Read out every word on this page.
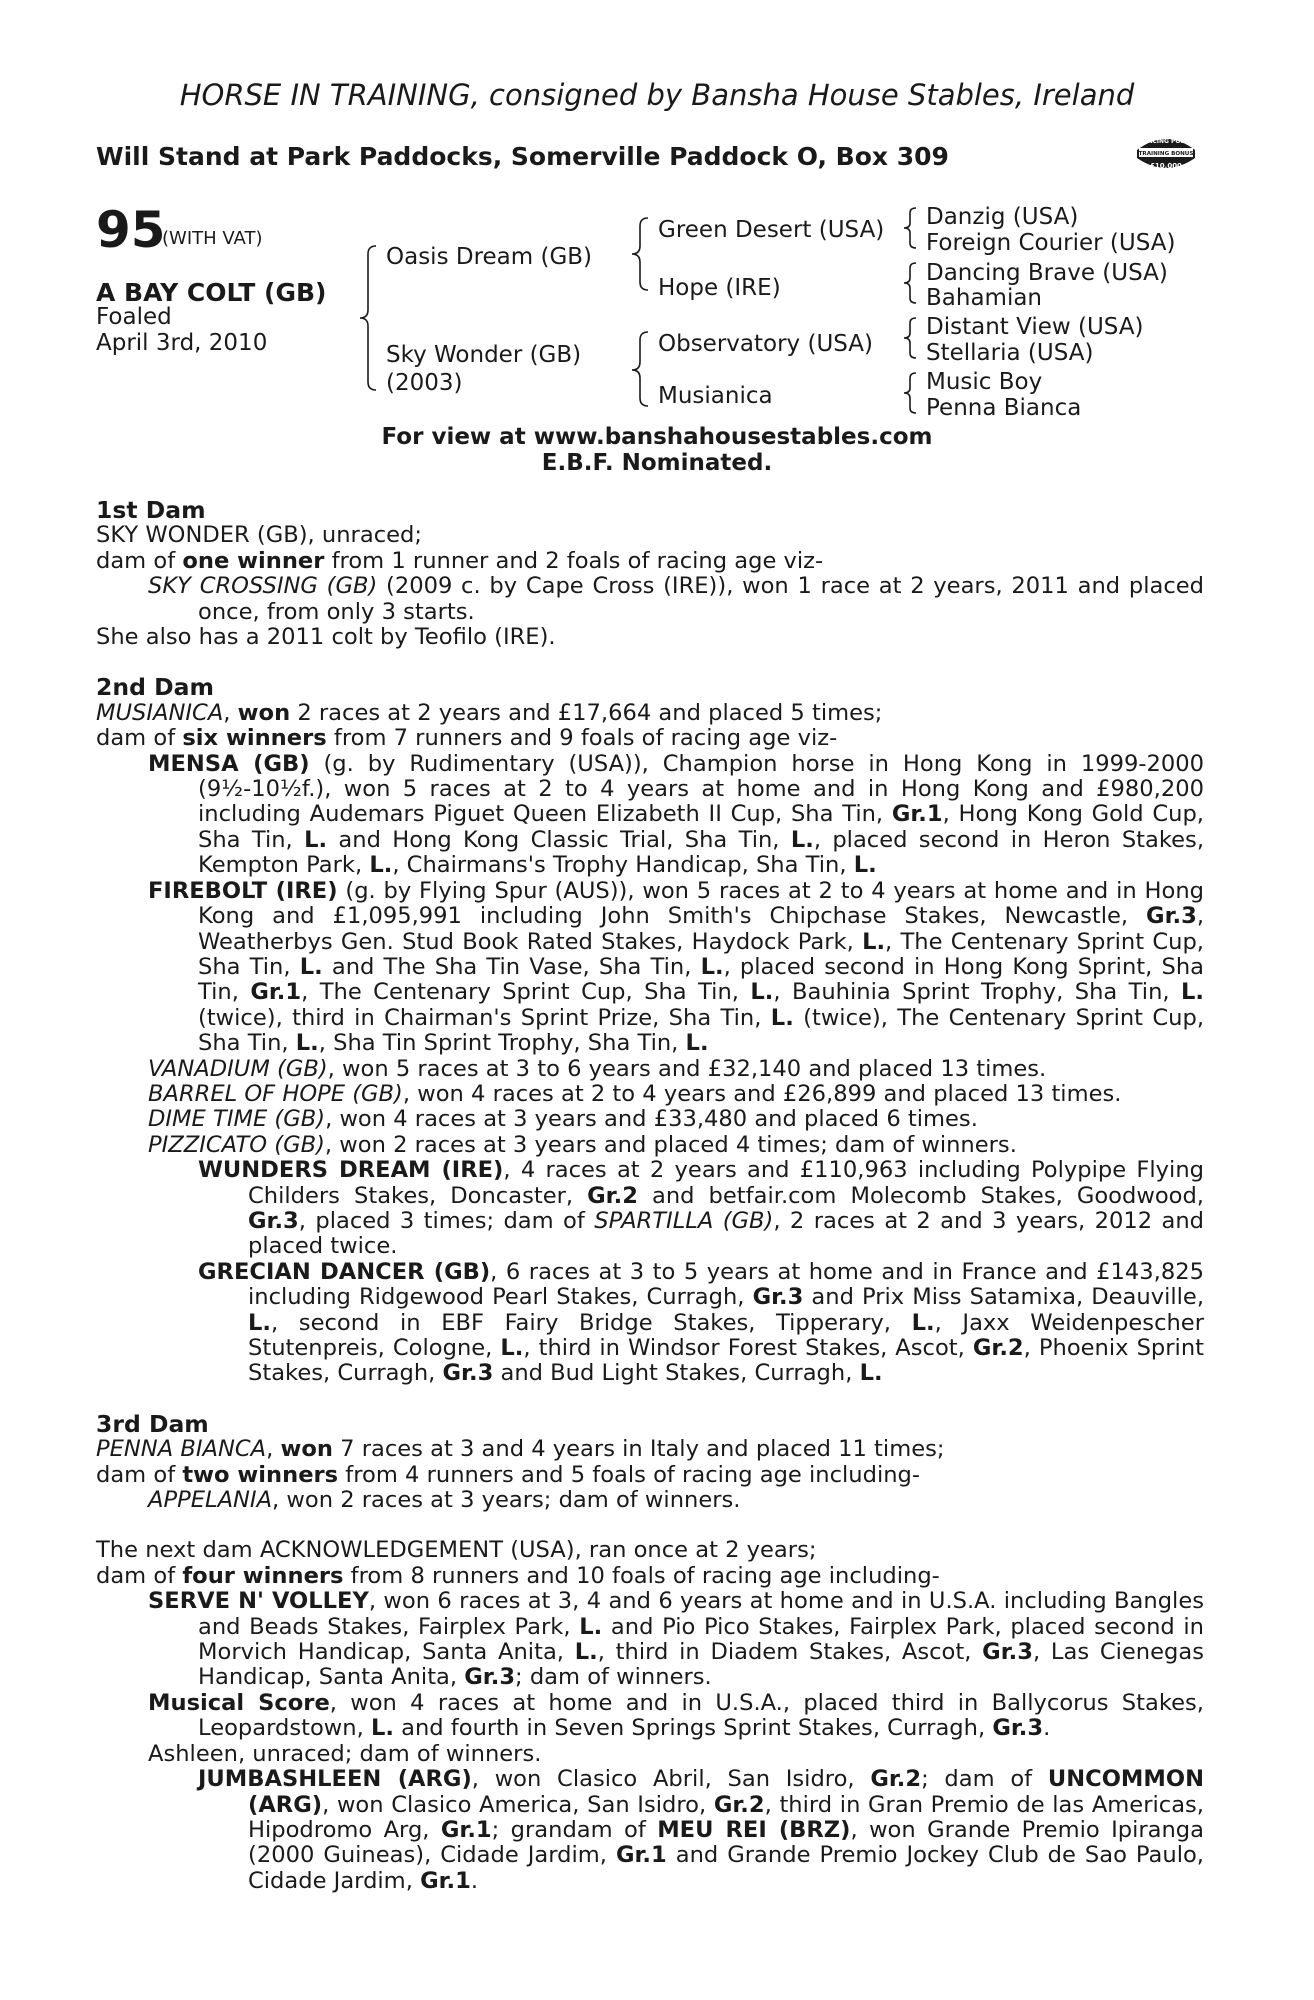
HORSE IN TRAINING, consigned by Bansha House Stables, Ireland
Will Stand at Park Paddocks, Somerville Paddock O, Box 309
RACING POST
TRAINING BONUS
£10,000
95
(WITH VAT)
A BAY COLT (GB)
Foaled
April 3rd, 2010
Oasis Dream (GB)
Sky Wonder (GB)
(2003)
Green Desert (USA)
Hope (IRE)
Observatory (USA)
Musianica
Danzig (USA)
Foreign Courier (USA)
Dancing Brave (USA)
Bahamian
Distant View (USA)
Stellaria (USA)
Music Boy
Penna Bianca
For view at www.banshahousestables.com
E.B.F. Nominated.
1st Dam
SKY WONDER (GB), unraced;
dam of one winner from 1 runner and 2 foals of racing age viz-
SKY CROSSING (GB) (2009 c. by Cape Cross (IRE)), won 1 race at 2 years, 2011 and placed once, from only 3 starts.
She also has a 2011 colt by Teofilo (IRE).
2nd Dam
MUSIANICA, won 2 races at 2 years and £17,664 and placed 5 times;
dam of six winners from 7 runners and 9 foals of racing age viz-
MENSA (GB) (g. by Rudimentary (USA)), Champion horse in Hong Kong in 1999-2000 (9½-10½f.), won 5 races at 2 to 4 years at home and in Hong Kong and £980,200 including Audemars Piguet Queen Elizabeth II Cup, Sha Tin, Gr.1, Hong Kong Gold Cup, Sha Tin, L. and Hong Kong Classic Trial, Sha Tin, L., placed second in Heron Stakes, Kempton Park, L., Chairmans's Trophy Handicap, Sha Tin, L.
FIREBOLT (IRE) (g. by Flying Spur (AUS)), won 5 races at 2 to 4 years at home and in Hong Kong and £1,095,991 including John Smith's Chipchase Stakes, Newcastle, Gr.3, Weatherbys Gen. Stud Book Rated Stakes, Haydock Park, L., The Centenary Sprint Cup, Sha Tin, L. and The Sha Tin Vase, Sha Tin, L., placed second in Hong Kong Sprint, Sha Tin, Gr.1, The Centenary Sprint Cup, Sha Tin, L., Bauhinia Sprint Trophy, Sha Tin, L. (twice), third in Chairman's Sprint Prize, Sha Tin, L. (twice), The Centenary Sprint Cup, Sha Tin, L., Sha Tin Sprint Trophy, Sha Tin, L.
VANADIUM (GB), won 5 races at 3 to 6 years and £32,140 and placed 13 times.
BARREL OF HOPE (GB), won 4 races at 2 to 4 years and £26,899 and placed 13 times.
DIME TIME (GB), won 4 races at 3 years and £33,480 and placed 6 times.
PIZZICATO (GB), won 2 races at 3 years and placed 4 times; dam of winners.
WUNDERS DREAM (IRE), 4 races at 2 years and £110,963 including Polypipe Flying Childers Stakes, Doncaster, Gr.2 and betfair.com Molecomb Stakes, Goodwood, Gr.3, placed 3 times; dam of SPARTILLA (GB), 2 races at 2 and 3 years, 2012 and placed twice.
GRECIAN DANCER (GB), 6 races at 3 to 5 years at home and in France and £143,825 including Ridgewood Pearl Stakes, Curragh, Gr.3 and Prix Miss Satamixa, Deauville, L., second in EBF Fairy Bridge Stakes, Tipperary, L., Jaxx Weidenpescher Stutenpreis, Cologne, L., third in Windsor Forest Stakes, Ascot, Gr.2, Phoenix Sprint Stakes, Curragh, Gr.3 and Bud Light Stakes, Curragh, L.
3rd Dam
PENNA BIANCA, won 7 races at 3 and 4 years in Italy and placed 11 times;
dam of two winners from 4 runners and 5 foals of racing age including-
APPELANIA, won 2 races at 3 years; dam of winners.
The next dam ACKNOWLEDGEMENT (USA), ran once at 2 years;
dam of four winners from 8 runners and 10 foals of racing age including-
SERVE N' VOLLEY, won 6 races at 3, 4 and 6 years at home and in U.S.A. including Bangles and Beads Stakes, Fairplex Park, L. and Pio Pico Stakes, Fairplex Park, placed second in Morvich Handicap, Santa Anita, L., third in Diadem Stakes, Ascot, Gr.3, Las Cienegas Handicap, Santa Anita, Gr.3; dam of winners.
Musical Score, won 4 races at home and in U.S.A., placed third in Ballycorus Stakes, Leopardstown, L. and fourth in Seven Springs Sprint Stakes, Curragh, Gr.3.
Ashleen, unraced; dam of winners.
JUMBASHLEEN (ARG), won Clasico Abril, San Isidro, Gr.2; dam of UNCOMMON (ARG), won Clasico America, San Isidro, Gr.2, third in Gran Premio de las Americas, Hipodromo Arg, Gr.1; grandam of MEU REI (BRZ), won Grande Premio Ipiranga (2000 Guineas), Cidade Jardim, Gr.1 and Grande Premio Jockey Club de Sao Paulo, Cidade Jardim, Gr.1.
